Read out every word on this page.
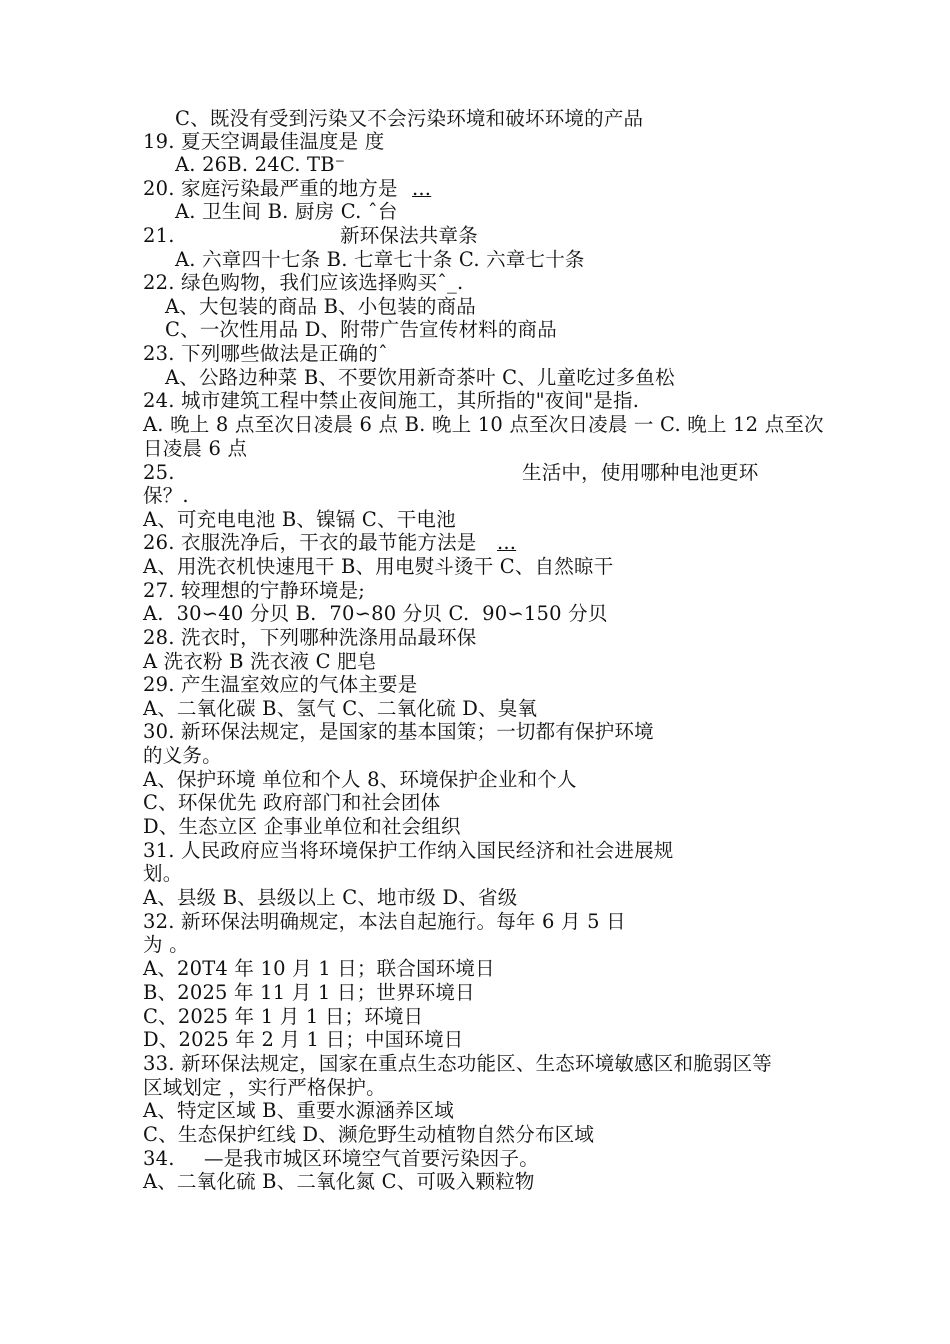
C、既没有受到污染又不会污染环境和破坏环境的产品
19. 夏天空调最佳温度是 度
A. 26B. 24C. TB⁻
20. 家庭污染最严重的地方是 ...
A. 卫生间 B. 厨房 C. ˆ台
21.	新环保法共章条
A. 六章四十七条 B. 七章七十条 C. 六章七十条
22. 绿色购物，我们应该选择购买ˆ_.
A、大包装的商品 B、小包装的商品
C、一次性用品 D、附带广告宣传材料的商品
23. 下列哪些做法是正确的ˆ
A、公路边种菜 B、不要饮用新奇茶叶 C、儿童吃过多鱼松
24. 城市建筑工程中禁止夜间施工，其所指的"夜间"是指.
A. 晚上 8 点至次日凌晨 6 点 B. 晚上 10 点至次日凌晨 一 C. 晚上 12 点至次
日凌晨 6 点
25.	生活中，使用哪种电池更环
保？.
A、可充电电池 B、镍镉 C、干电池
26. 衣服洗净后，干衣的最节能方法是 ...
A、用洗衣机快速甩干 B、用电熨斗烫干 C、自然晾干
27. 较理想的宁静环境是;
A.  30∽40 分贝 B.  70∽80 分贝 C.  90∽150 分贝
28. 洗衣时，下列哪种洗涤用品最环保
A 洗衣粉 B 洗衣液 C 肥皂
29. 产生温室效应的气体主要是
A、二氧化碳 B、氢气 C、二氧化硫 D、臭氧
30. 新环保法规定，是国家的基本国策；一切都有保护环境
的义务。
A、保护环境 单位和个人 8、环境保护企业和个人
C、环保优先 政府部门和社会团体
D、生态立区 企事业单位和社会组织
31. 人民政府应当将环境保护工作纳入国民经济和社会进展规
划。
A、县级 B、县级以上 C、地市级 D、省级
32. 新环保法明确规定，本法自起施行。每年 6 月 5 日
为 。
A、20T4 年 10 月 1 日；联合国环境日
B、2025 年 11 月 1 日；世界环境日
C、2025 年 1 月 1 日；环境日
D、2025 年 2 月 1 日；中国环境日
33. 新环保法规定，国家在重点生态功能区、生态环境敏感区和脆弱区等
区域划定 ，实行严格保护。
A、特定区域 B、重要水源涵养区域
C、生态保护红线 D、濒危野生动植物自然分布区域
34. —是我市城区环境空气首要污染因子。
A、二氧化硫 B、二氧化氮 C、可吸入颗粒物
